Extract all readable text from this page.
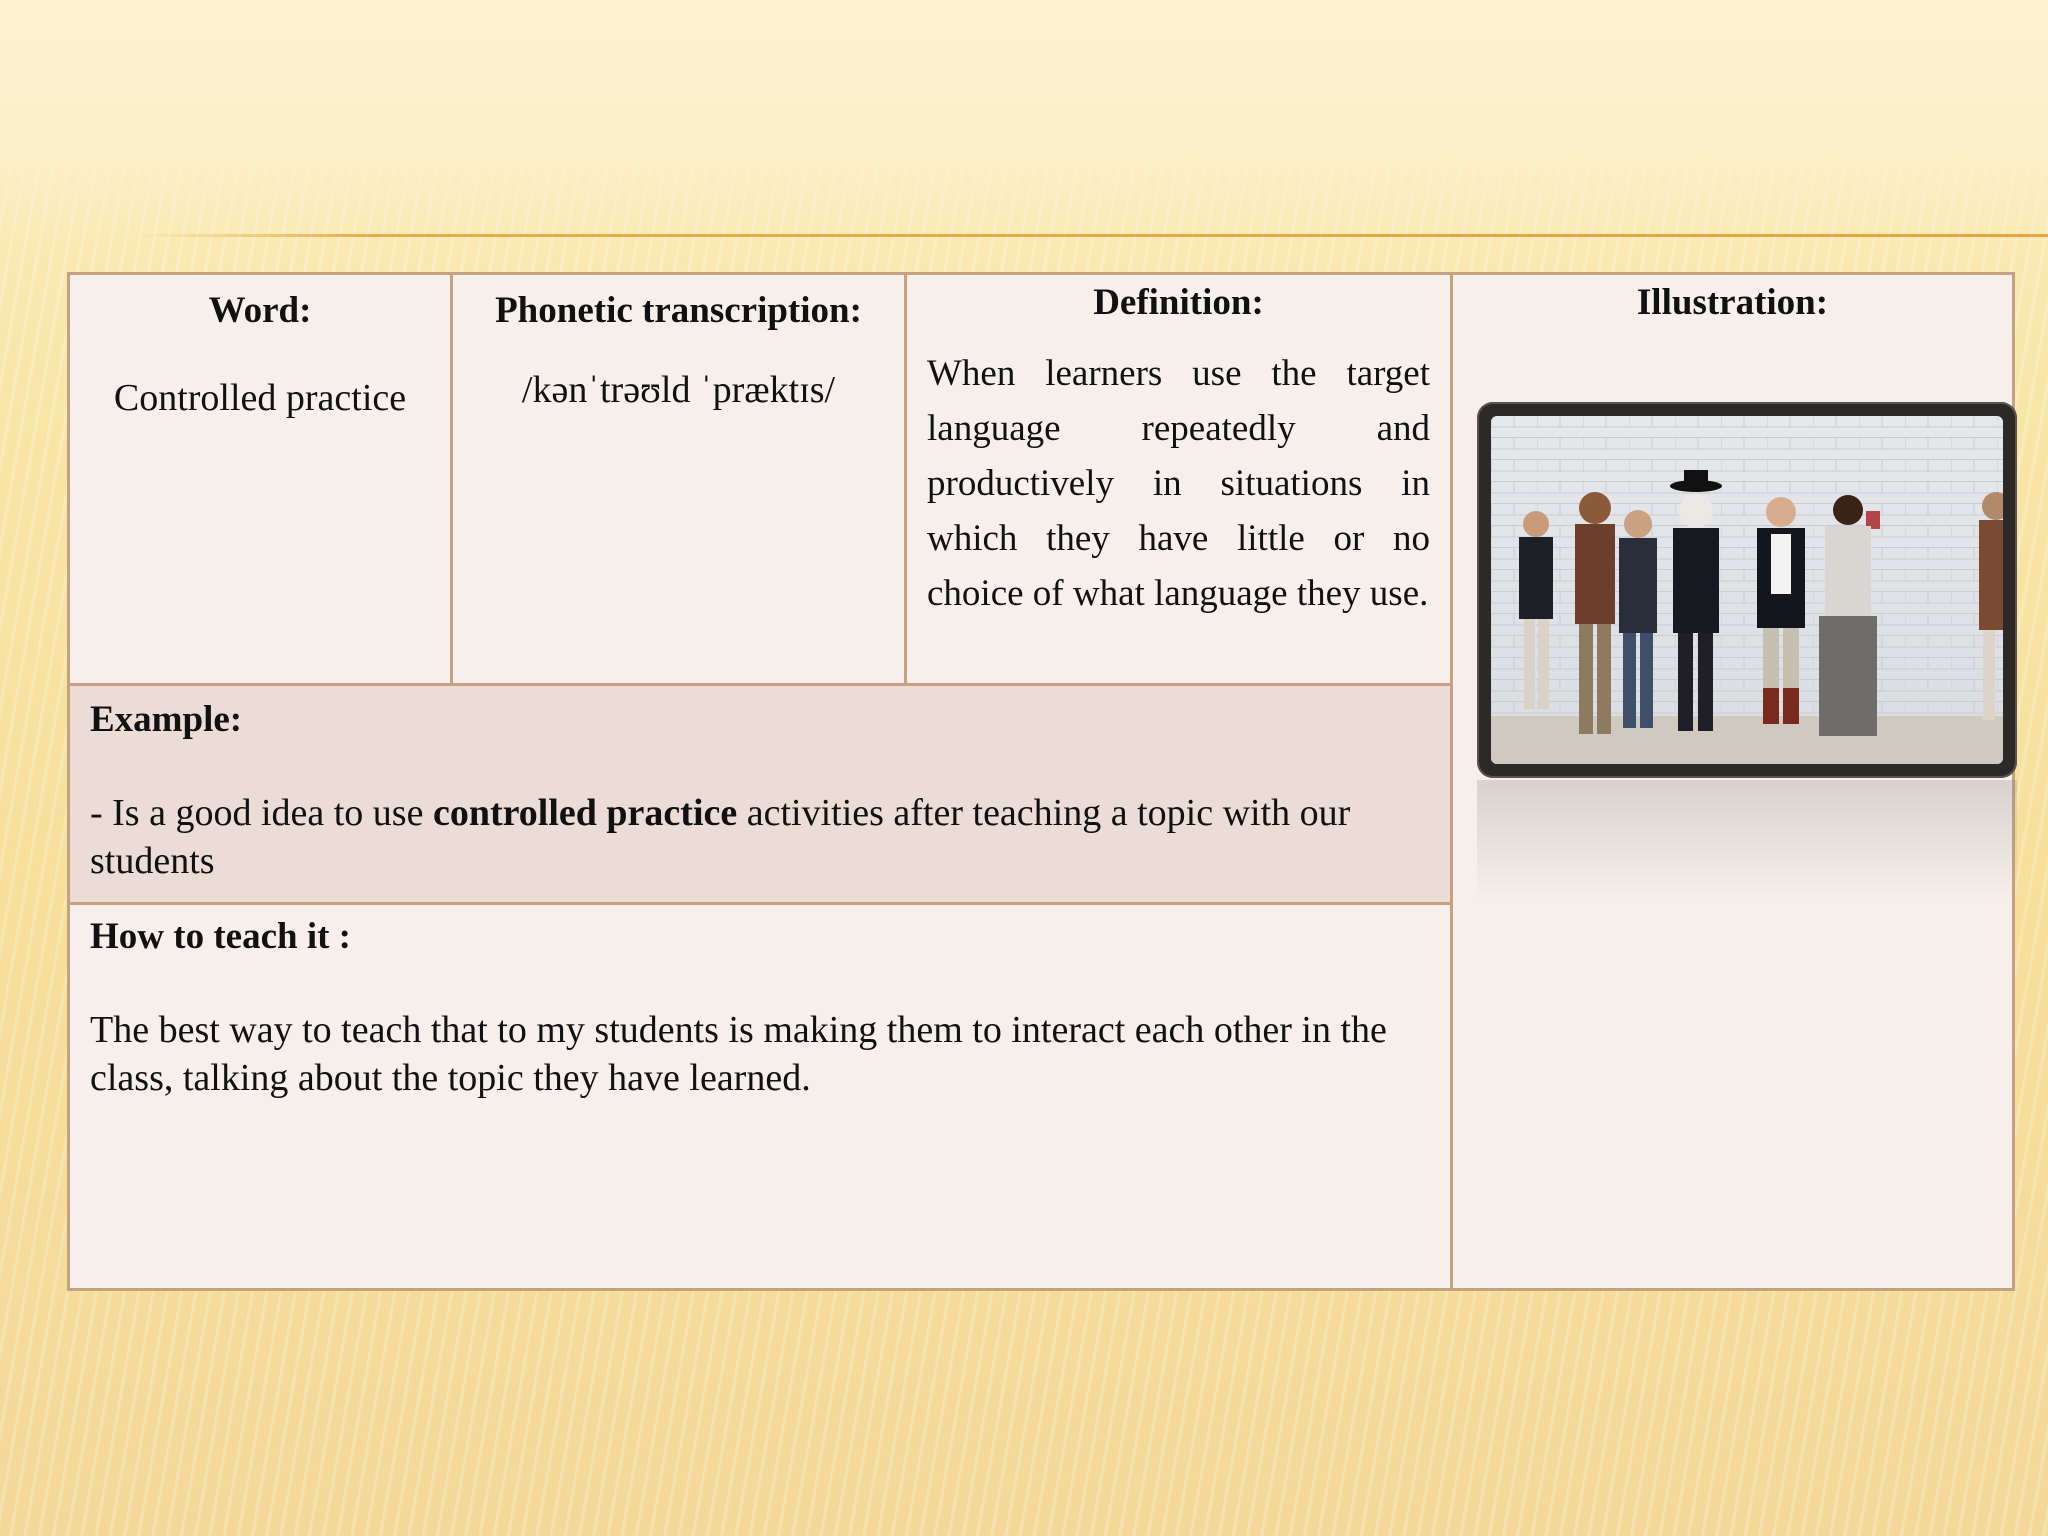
Word:
Controlled practice
Phonetic transcription:
/kənˈtrəʊld ˈpræktɪs/
Definition:
When learners use the target language repeatedly and productively in situations in which they have little or no choice of what language they use.
Illustration:
Example:
- Is a good idea to use controlled practice activities after teaching a topic with our students
How to teach it :
The best way to teach that to my students is making them to interact each other in the class, talking about the topic they have learned.
